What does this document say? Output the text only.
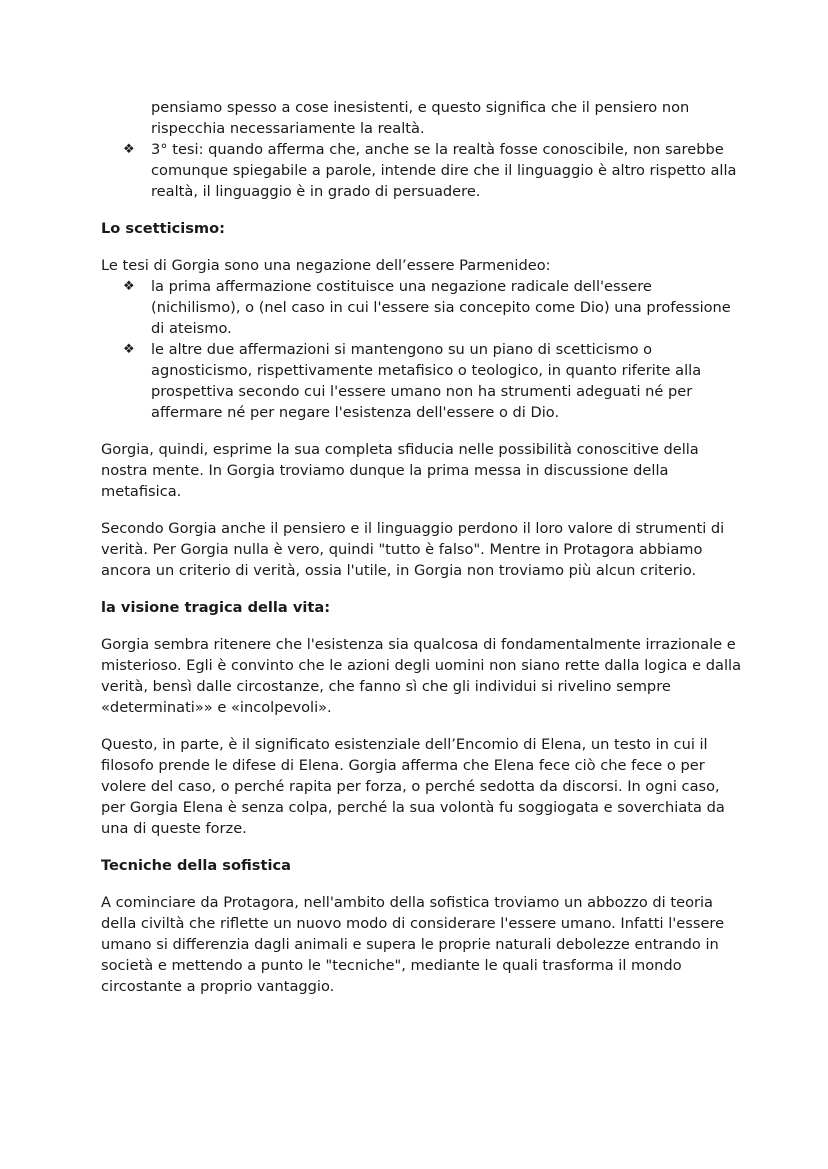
pensiamo spesso a cose inesistenti, e questo significa che il pensiero non rispecchia necessariamente la realtà.

❖ 3° tesi: quando afferma che, anche se la realtà fosse conoscibile, non sarebbe comunque spiegabile a parole, intende dire che il linguaggio è altro rispetto alla realtà, il linguaggio è in grado di persuadere.

Lo scetticismo:

Le tesi di Gorgia sono una negazione dell’essere Parmenideo:

❖ la prima affermazione costituisce una negazione radicale dell'essere (nichilismo), o (nel caso in cui l'essere sia concepito come Dio) una professione di ateismo.
❖ le altre due affermazioni si mantengono su un piano di scetticismo o agnosticismo, rispettivamente metafisico o teologico, in quanto riferite alla prospettiva secondo cui l'essere umano non ha strumenti adeguati né per affermare né per negare l'esistenza dell'essere o di Dio.

Gorgia, quindi, esprime la sua completa sfiducia nelle possibilità conoscitive della nostra mente. In Gorgia troviamo dunque la prima messa in discussione della metafisica.

Secondo Gorgia anche il pensiero e il linguaggio perdono il loro valore di strumenti di verità. Per Gorgia nulla è vero, quindi "tutto è falso". Mentre in Protagora abbiamo ancora un criterio di verità, ossia l'utile, in Gorgia non troviamo più alcun criterio.

la visione tragica della vita:

Gorgia sembra ritenere che l'esistenza sia qualcosa di fondamentalmente irrazionale e misterioso. Egli è convinto che le azioni degli uomini non siano rette dalla logica e dalla verità, bensì dalle circostanze, che fanno sì che gli individui si rivelino sempre «determinati»» e «incolpevoli».

Questo, in parte, è il significato esistenziale dell’Encomio di Elena, un testo in cui il filosofo prende le difese di Elena. Gorgia afferma che Elena fece ciò che fece o per volere del caso, o perché rapita per forza, o perché sedotta da discorsi. In ogni caso, per Gorgia Elena è senza colpa, perché la sua volontà fu soggiogata e soverchiata da una di queste forze.

Tecniche della sofistica

A cominciare da Protagora, nell'ambito della sofistica troviamo un abbozzo di teoria della civiltà che riflette un nuovo modo di considerare l'essere umano. Infatti l'essere umano si differenzia dagli animali e supera le proprie naturali debolezze entrando in società e mettendo a punto le "tecniche", mediante le quali trasforma il mondo circostante a proprio vantaggio.
